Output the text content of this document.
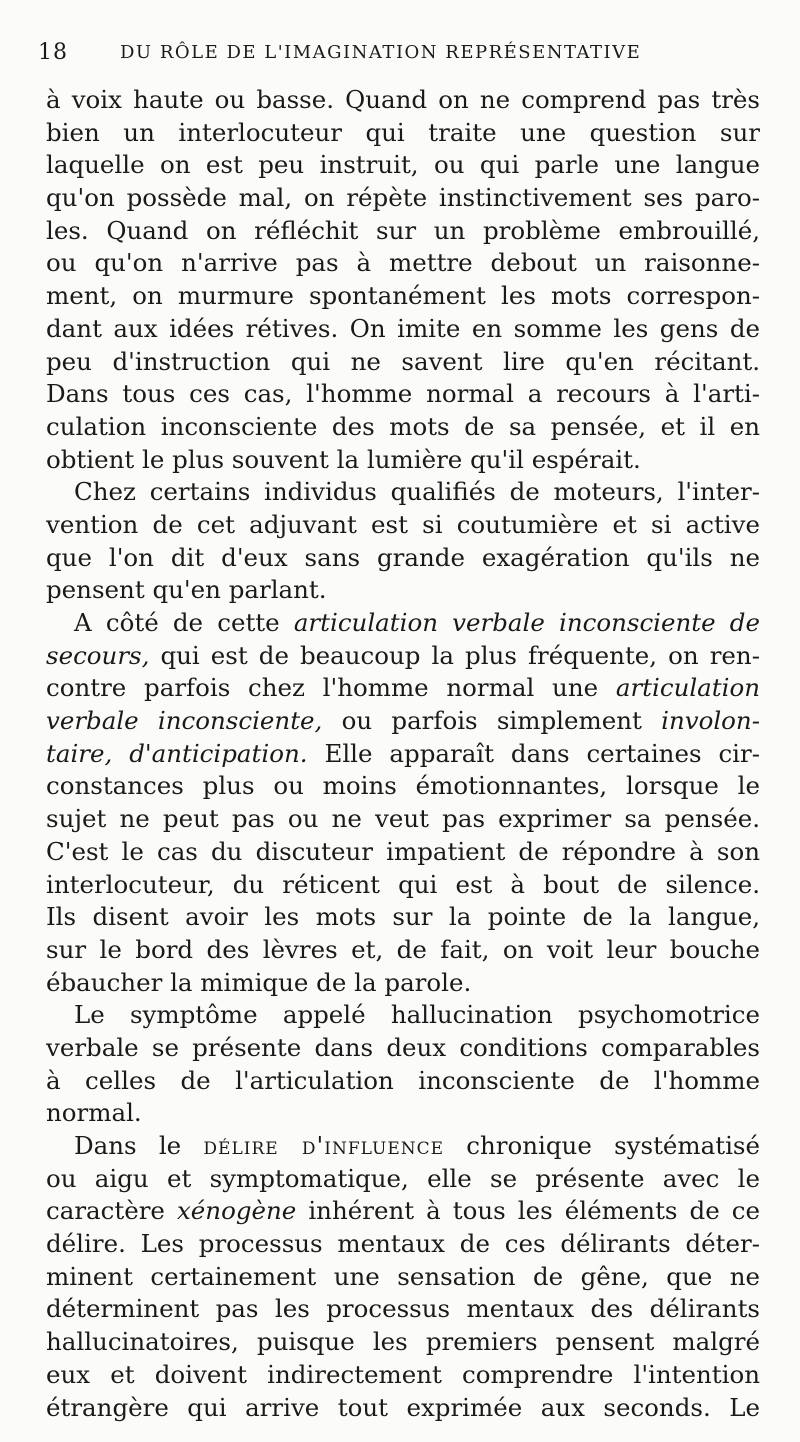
18	DU RÔLE DE L'IMAGINATION REPRÉSENTATIVE
à voix haute ou basse. Quand on ne comprend pas très
bien un interlocuteur qui traite une question sur
laquelle on est peu instruit, ou qui parle une langue
qu'on possède mal, on répète instinctivement ses paro-
les. Quand on réfléchit sur un problème embrouillé,
ou qu'on n'arrive pas à mettre debout un raisonne-
ment, on murmure spontanément les mots correspon-
dant aux idées rétives. On imite en somme les gens de
peu d'instruction qui ne savent lire qu'en récitant.
Dans tous ces cas, l'homme normal a recours à l'arti-
culation inconsciente des mots de sa pensée, et il en
obtient le plus souvent la lumière qu'il espérait.
Chez certains individus qualifiés de moteurs, l'inter-
vention de cet adjuvant est si coutumière et si active
que l'on dit d'eux sans grande exagération qu'ils ne
pensent qu'en parlant.
A côté de cette articulation verbale inconsciente de
secours, qui est de beaucoup la plus fréquente, on ren-
contre parfois chez l'homme normal une articulation
verbale inconsciente, ou parfois simplement involon-
taire, d'anticipation. Elle apparaît dans certaines cir-
constances plus ou moins émotionnantes, lorsque le
sujet ne peut pas ou ne veut pas exprimer sa pensée.
C'est le cas du discuteur impatient de répondre à son
interlocuteur, du réticent qui est à bout de silence.
Ils disent avoir les mots sur la pointe de la langue,
sur le bord des lèvres et, de fait, on voit leur bouche
ébaucher la mimique de la parole.
Le symptôme appelé hallucination psychomotrice
verbale se présente dans deux conditions comparables
à celles de l'articulation inconsciente de l'homme
normal.
Dans le délire d'influence chronique systématisé
ou aigu et symptomatique, elle se présente avec le
caractère xénogène inhérent à tous les éléments de ce
délire. Les processus mentaux de ces délirants déter-
minent certainement une sensation de gêne, que ne
déterminent pas les processus mentaux des délirants
hallucinatoires, puisque les premiers pensent malgré
eux et doivent indirectement comprendre l'intention
étrangère qui arrive tout exprimée aux seconds. Le
